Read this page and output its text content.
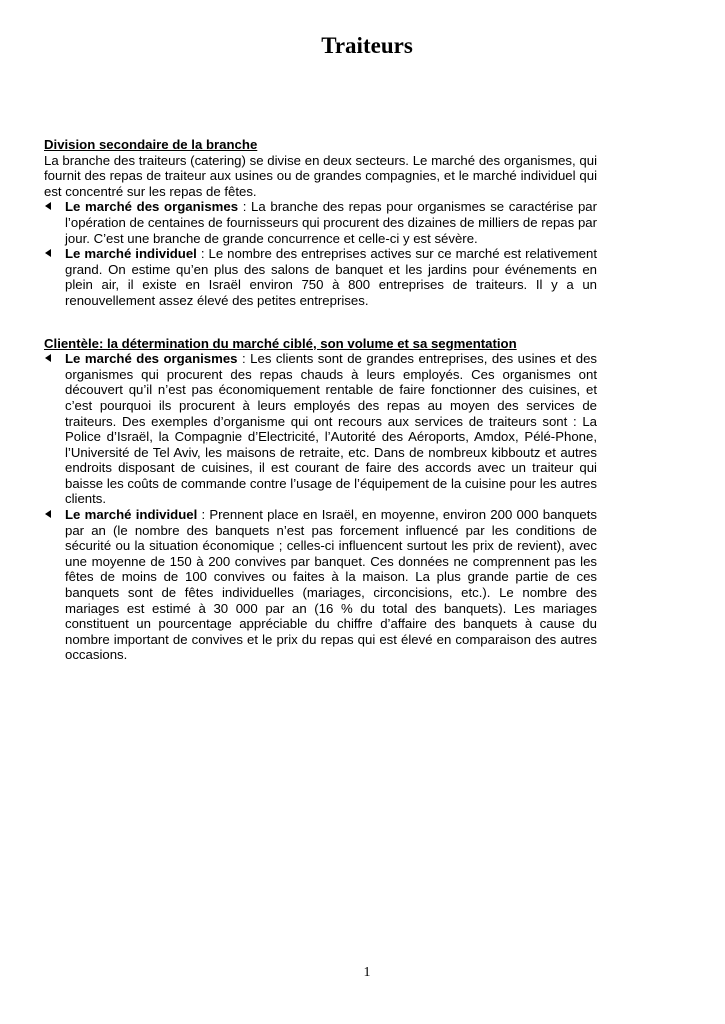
Traiteurs
Division secondaire de la branche

La branche des traiteurs (catering) se divise en deux secteurs. Le marché des organismes, qui fournit des repas de traiteur aux usines ou de grandes compagnies, et le marché individuel qui est concentré sur les repas de fêtes.

Le marché des organismes : La branche des repas pour organismes se caractérise par l’opération de centaines de fournisseurs qui procurent des dizaines de milliers de repas par jour. C’est une branche de grande concurrence et celle-ci y est sévère.

Le marché individuel : Le nombre des entreprises actives sur ce marché est relativement grand. On estime qu’en plus des salons de banquet et les jardins pour événements en plein air, il existe en Israël environ 750 à 800 entreprises de traiteurs. Il y a un renouvellement assez élevé des petites entreprises.

Clientèle: la détermination du marché ciblé, son volume et sa segmentation

Le marché des organismes : Les clients sont de grandes entreprises, des usines et des organismes qui procurent des repas chauds à leurs employés. Ces organismes ont découvert qu’il n’est pas économiquement rentable de faire fonctionner des cuisines, et c’est pourquoi ils procurent à leurs employés des repas au moyen des services de traiteurs. Des exemples d’organisme qui ont recours aux services de traiteurs sont : La Police d’Israël, la Compagnie d’Electricité, l’Autorité des Aéroports, Amdox, Pélé-Phone, l’Université de Tel Aviv, les maisons de retraite, etc. Dans de nombreux kibboutz et autres endroits disposant de cuisines, il est courant de faire des accords avec un traiteur qui baisse les coûts de commande contre l’usage de l’équipement de la cuisine pour les autres clients.

Le marché individuel : Prennent place en Israël, en moyenne, environ 200 000 banquets par an (le nombre des banquets n’est pas forcement influencé par les conditions de sécurité ou la situation économique ; celles-ci influencent surtout les prix de revient), avec une moyenne de 150 à 200 convives par banquet. Ces données ne comprennent pas les fêtes de moins de 100 convives ou faites à la maison. La plus grande partie de ces banquets sont de fêtes individuelles (mariages, circoncisions, etc.). Le nombre des mariages est estimé à 30 000 par an (16 % du total des banquets). Les mariages constituent un pourcentage appréciable du chiffre d’affaire des banquets à cause du nombre important de convives et le prix du repas qui est élevé en comparaison des autres occasions.

1
